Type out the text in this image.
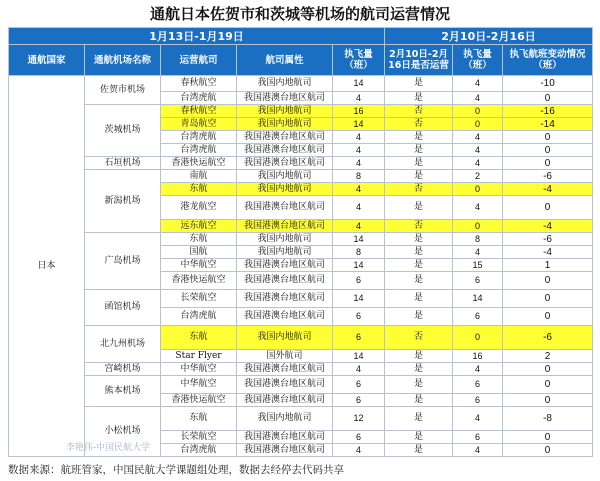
通航日本佐贺市和茨城等机场的航司运营情况
1月13日-1月19日					2月10日-2月16日		
通航国家	通航机场名称	运营航司	航司属性	执飞量（班）	2月10日-2月16日是否运营	执飞量（班）	执飞航班变动情况（班）
日本	佐贺市机场	春秋航空	我国内地航司	14	是	4	-10
		台湾虎航	我国港澳台地区航司	4	是	4	0
	茨城机场	春秋航空	我国内地航司	16	否	0	-16
		青岛航空	我国内地航司	14	否	0	-14
		台湾虎航	我国港澳台地区航司	4	是	4	0
		台湾虎航	我国港澳台地区航司	4	是	4	0
	石垣机场	香港快运航空	我国港澳台地区航司	4	是	4	0
	新潟机场	南航	我国内地航司	8	是	2	-6
		东航	我国内地航司	4	否	0	-4
		港龙航空	我国港澳台地区航司	4	是	4	0
		远东航空	我国港澳台地区航司	4	否	0	-4
	广岛机场	东航	我国内地航司	14	是	8	-6
		国航	我国内地航司	8	是	4	-4
		中华航空	我国港澳台地区航司	14	是	15	1
		香港快运航空	我国港澳台地区航司	6	是	6	0
	函馆机场	长荣航空	我国港澳台地区航司	14	是	14	0
		台湾虎航	我国港澳台地区航司	6	是	6	0
	北九州机场	东航	我国内地航司	6	否	0	-6
		Star Flyer	国外航司	14	是	16	2
	宫崎机场	中华航空	我国港澳台地区航司	4	是	4	0
	熊本机场	中华航空	我国港澳台地区航司	6	是	6	0
		香港快运航空	我国港澳台地区航司	6	是	6	0
	小松机场	东航	我国内地航司	12	是	4	-8
		长荣航空	我国港澳台地区航司	6	是	6	0
		台湾虎航	我国港澳台地区航司	4	是	4	0
李艳伟-中国民航大学
数据来源：航班管家，中国民航大学课题组处理，数据去经停去代码共享
